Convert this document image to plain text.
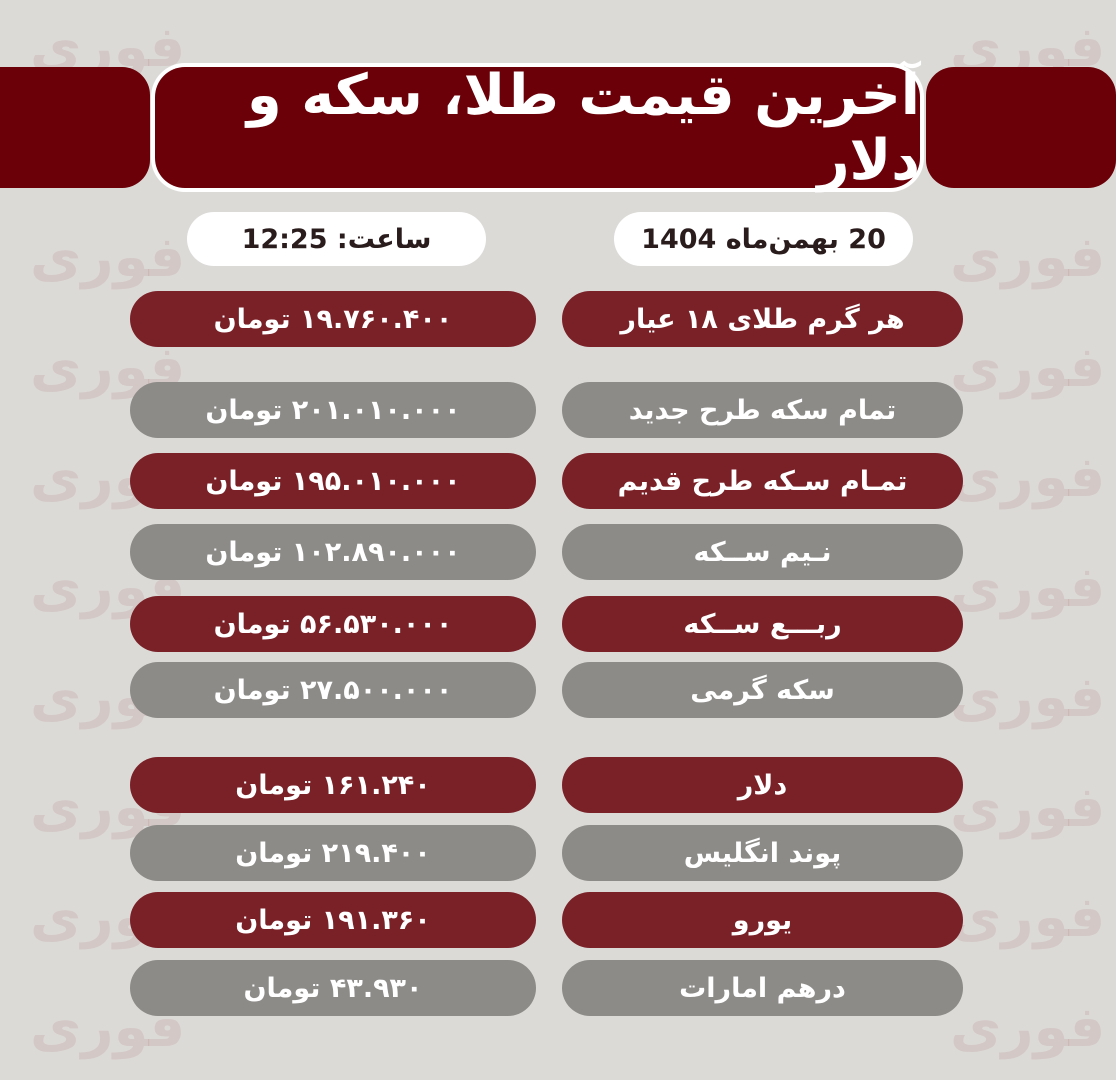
فوری
فوری
فوری
فوری
فوری
فوری
فوری
فوری
فوری
فوری
فوری
فوری
فوری
فوری
فوری
فوری
فوری
فوری
آخرین قیمت طلا، سکه و دلار
ساعت: 12:25	20 بهمن‌ماه 1404
هر گرم طلای ۱۸ عیار
۱۹.۷۶۰.۴۰۰ تومان
تمام سکه طرح جدید
۲۰۱.۰۱۰.۰۰۰ تومان
تمـام سـکه طرح قدیم
۱۹۵.۰۱۰.۰۰۰ تومان
نـیم ســکه
۱۰۲.۸۹۰.۰۰۰ تومان
ربـــع ســکه
۵۶.۵۳۰.۰۰۰ تومان
سکه گرمی
۲۷.۵۰۰.۰۰۰ تومان
دلار
۱۶۱.۲۴۰ تومان
پوند انگلیس
۲۱۹.۴۰۰ تومان
یورو
۱۹۱.۳۶۰ تومان
درهم امارات
۴۳.۹۳۰ تومان
